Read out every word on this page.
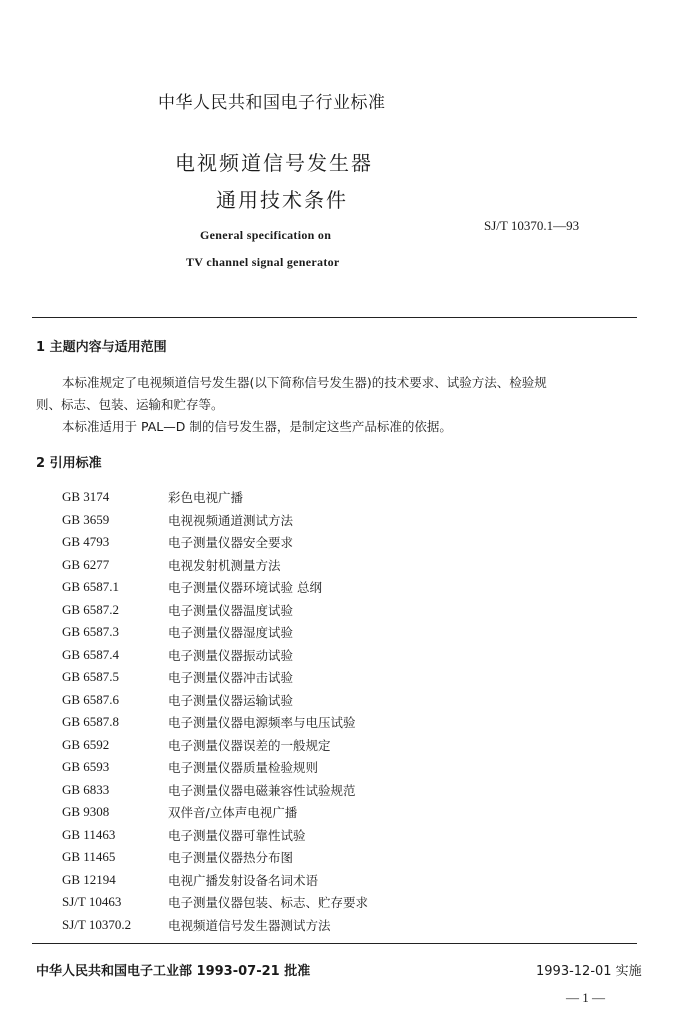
中华人民共和国电子行业标准
电视频道信号发生器
通用技术条件
General specification on
TV channel signal generator
SJ/T 10370.1—93
1 主题内容与适用范围
本标准规定了电视频道信号发生器(以下简称信号发生器)的技术要求、试验方法、检验规
则、标志、包装、运输和贮存等。
本标准适用于 PAL—D 制的信号发生器，是制定这些产品标准的依据。
2 引用标准
GB 3174	彩色电视广播
GB 3659	电视视频通道测试方法
GB 4793	电子测量仪器安全要求
GB 6277	电视发射机测量方法
GB 6587.1	电子测量仪器环境试验 总纲
GB 6587.2	电子测量仪器温度试验
GB 6587.3	电子测量仪器湿度试验
GB 6587.4	电子测量仪器振动试验
GB 6587.5	电子测量仪器冲击试验
GB 6587.6	电子测量仪器运输试验
GB 6587.8	电子测量仪器电源频率与电压试验
GB 6592	电子测量仪器误差的一般规定
GB 6593	电子测量仪器质量检验规则
GB 6833	电子测量仪器电磁兼容性试验规范
GB 9308	双伴音/立体声电视广播
GB 11463	电子测量仪器可靠性试验
GB 11465	电子测量仪器热分布图
GB 12194	电视广播发射设备名词术语
SJ/T 10463	电子测量仪器包装、标志、贮存要求
SJ/T 10370.2	电视频道信号发生器测试方法
中华人民共和国电子工业部 1993-07-21 批准	1993-12-01 实施
— 1 —
